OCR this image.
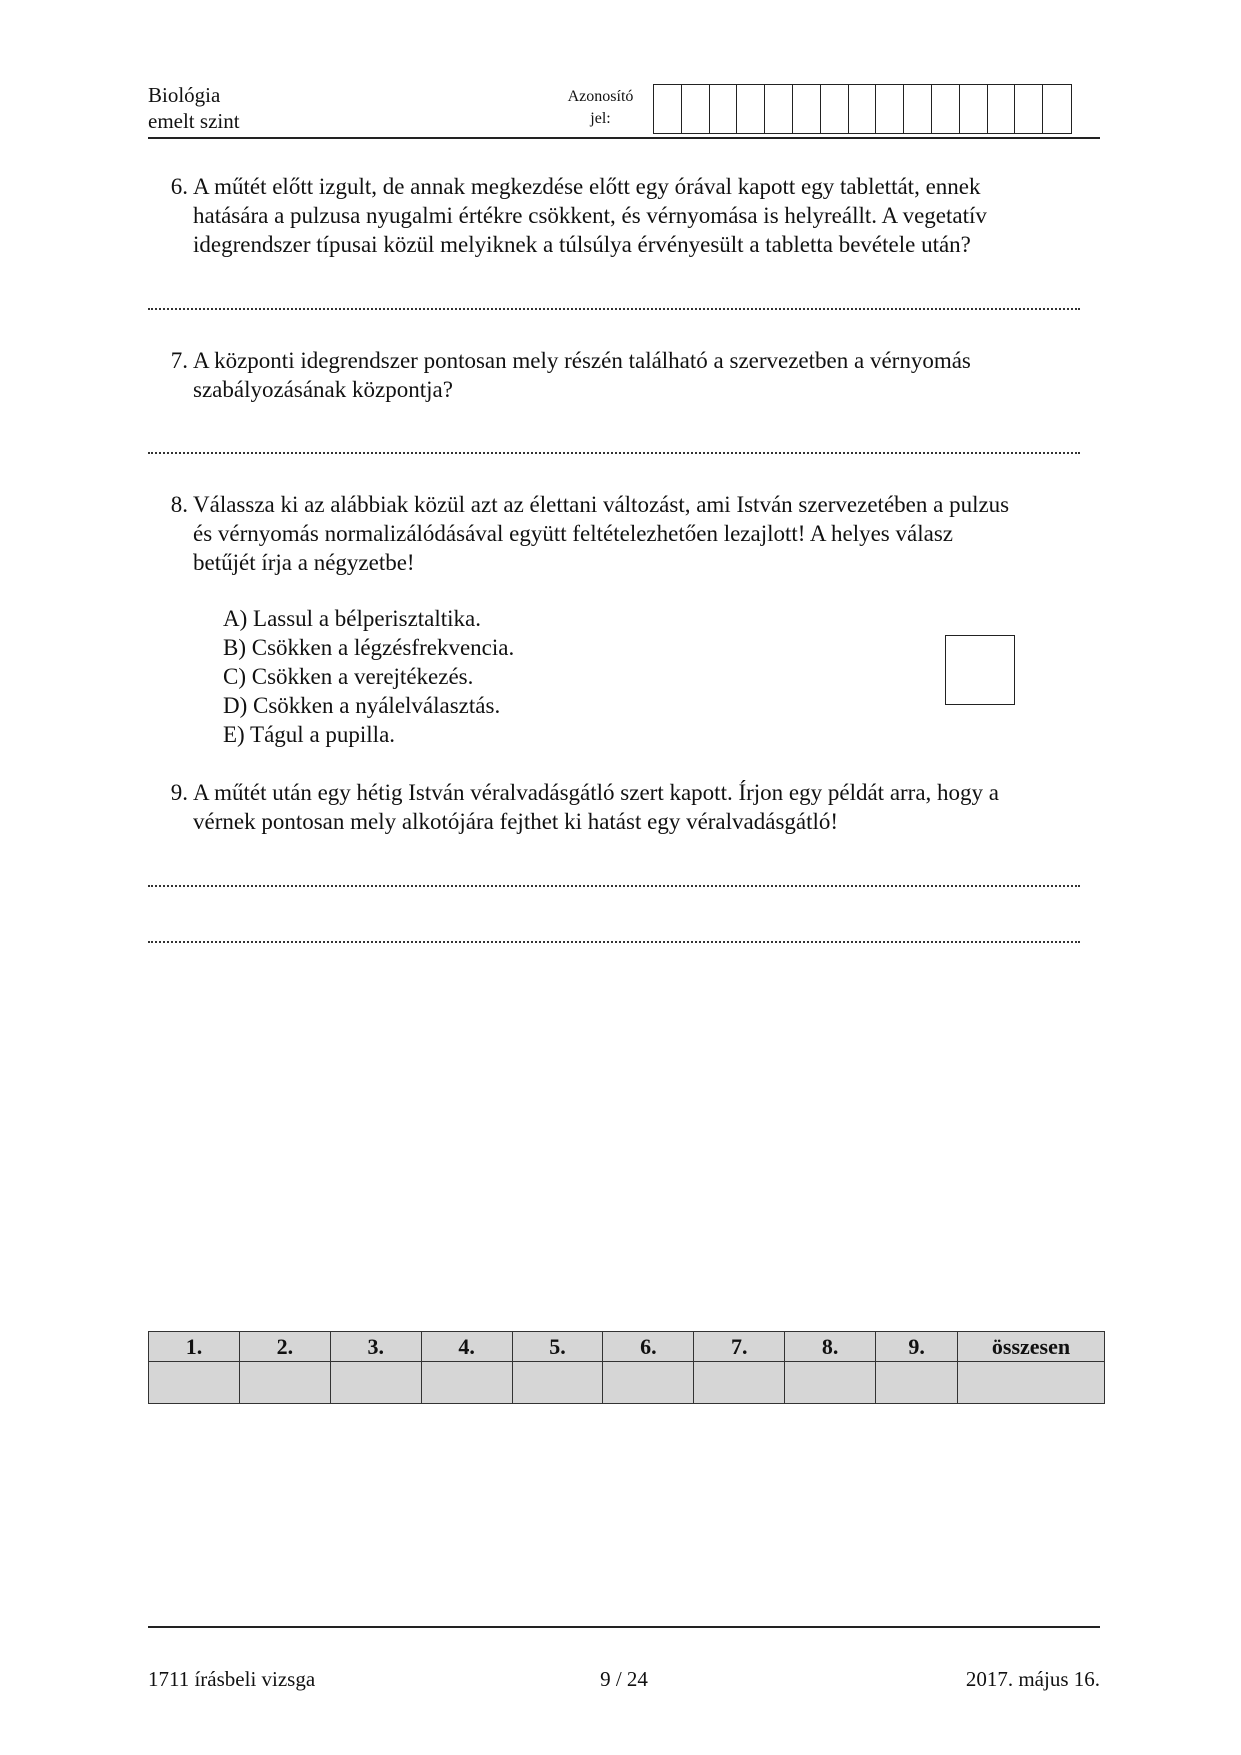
Biológia
emelt szint
Azonosító
jel:
6. A műtét előtt izgult, de annak megkezdése előtt egy órával kapott egy tablettát, ennek
hatására a pulzusa nyugalmi értékre csökkent, és vérnyomása is helyreállt. A vegetatív
idegrendszer típusai közül melyiknek a túlsúlya érvényesült a tabletta bevétele után?
7. A központi idegrendszer pontosan mely részén található a szervezetben a vérnyomás
szabályozásának központja?
8. Válassza ki az alábbiak közül azt az élettani változást, ami István szervezetében a pulzus
és vérnyomás normalizálódásával együtt feltételezhetően lezajlott! A helyes válasz
betűjét írja a négyzetbe!
A) Lassul a bélperisztaltika.
B) Csökken a légzésfrekvencia.
C) Csökken a verejtékezés.
D) Csökken a nyálelválasztás.
E) Tágul a pupilla.
9. A műtét után egy hétig István véralvadásgátló szert kapott. Írjon egy példát arra, hogy a
vérnek pontosan mely alkotójára fejthet ki hatást egy véralvadásgátló!
1.	2.	3.	4.	5.	6.	7.	8.	9.	összesen

1711 írásbeli vizsga	9 / 24	2017. május 16.
